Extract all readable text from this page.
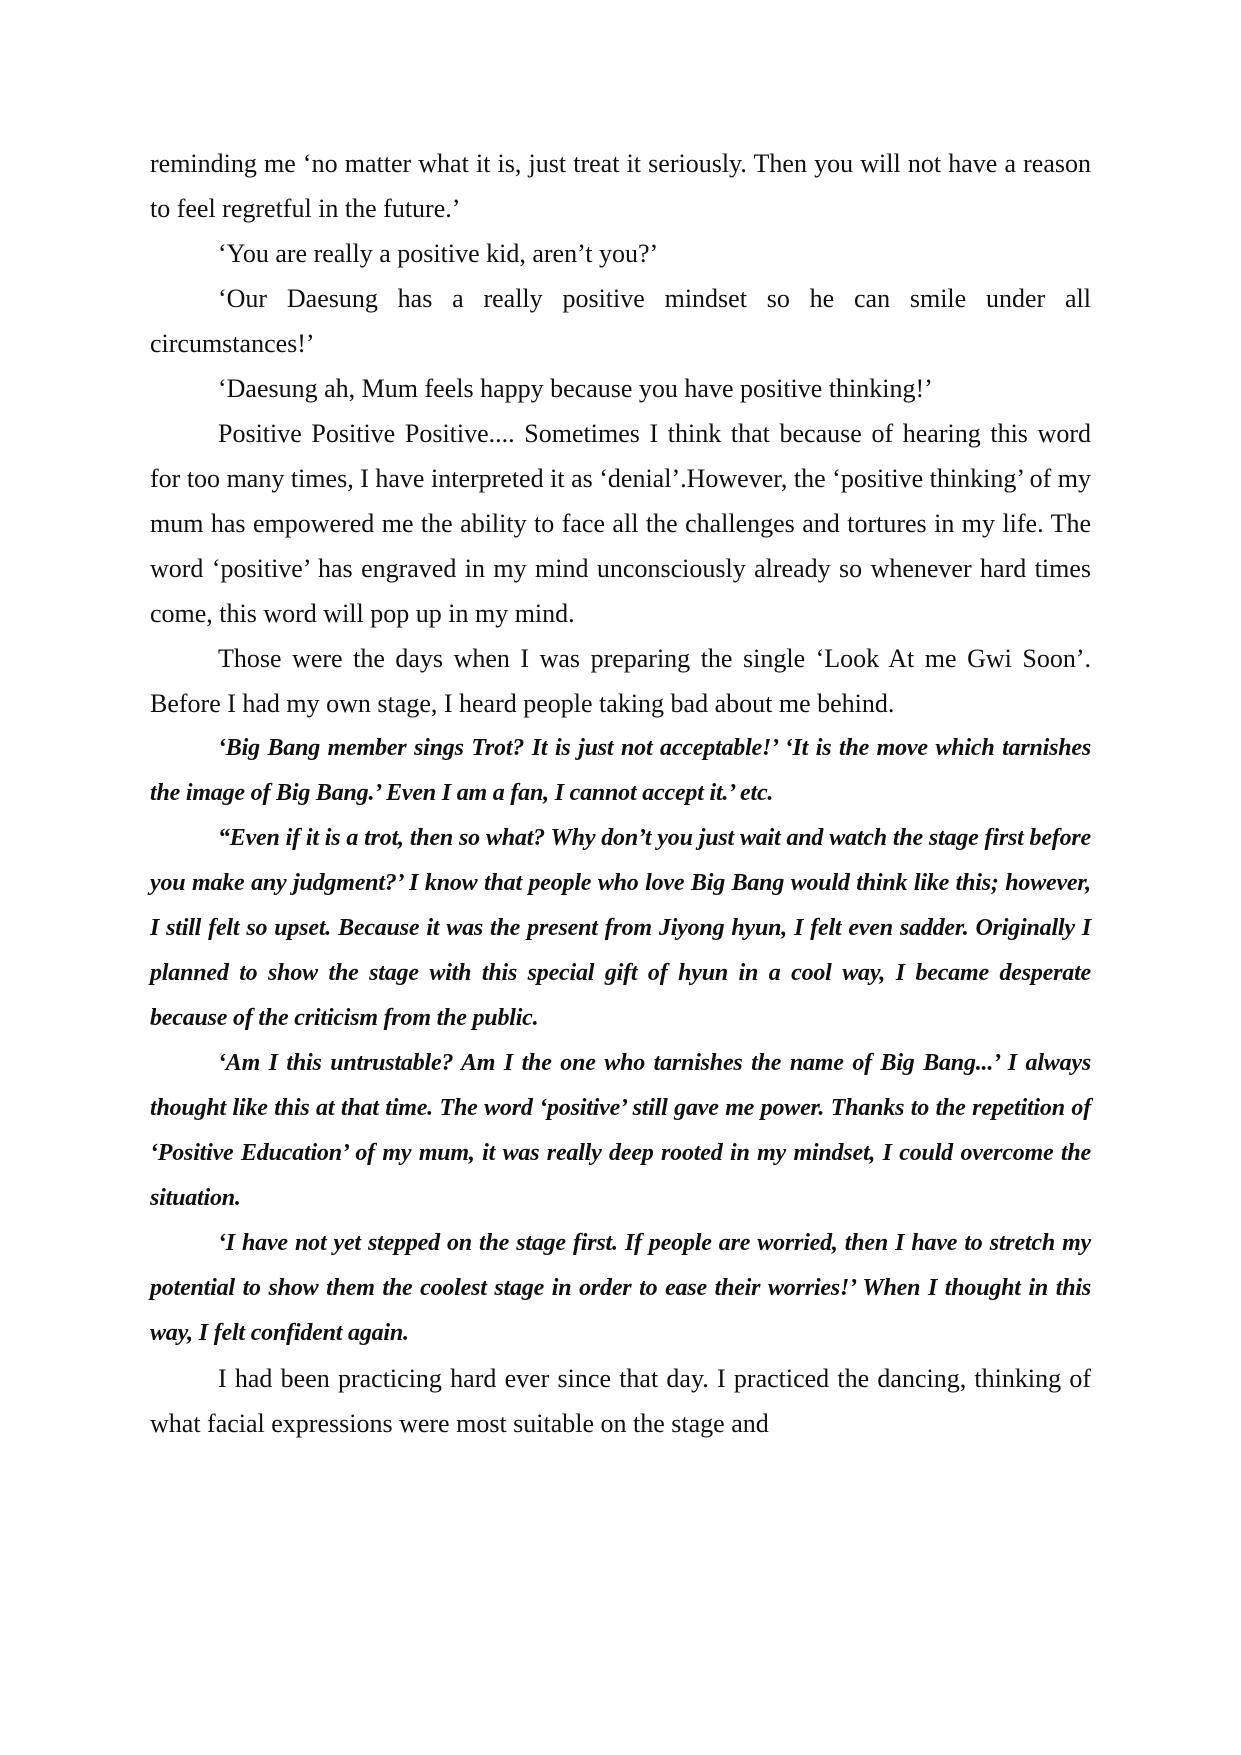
reminding me ‘no matter what it is, just treat it seriously. Then you will not have a reason to feel regretful in the future.’

‘You are really a positive kid, aren’t you?’

‘Our Daesung has a really positive mindset so he can smile under all circumstances!’

‘Daesung ah, Mum feels happy because you have positive thinking!’

Positive Positive Positive.... Sometimes I think that because of hearing this word for too many times, I have interpreted it as ‘denial’.However, the ‘positive thinking’ of my mum has empowered me the ability to face all the challenges and tortures in my life. The word ‘positive’ has engraved in my mind unconsciously already so whenever hard times come, this word will pop up in my mind.

Those were the days when I was preparing the single ‘Look At me Gwi Soon’. Before I had my own stage, I heard people taking bad about me behind.

‘Big Bang member sings Trot? It is just not acceptable!’ ‘It is the move which tarnishes the image of Big Bang.’ Even I am a fan, I cannot accept it.’ etc.

“Even if it is a trot, then so what? Why don’t you just wait and watch the stage first before you make any judgment?’ I know that people who love Big Bang would think like this; however, I still felt so upset. Because it was the present from Jiyong hyun, I felt even sadder. Originally I planned to show the stage with this special gift of hyun in a cool way, I became desperate because of the criticism from the public.

‘Am I this untrustable? Am I the one who tarnishes the name of Big Bang...’ I always thought like this at that time. The word ‘positive’ still gave me power. Thanks to the repetition of ‘Positive Education’ of my mum, it was really deep rooted in my mindset, I could overcome the situation.

‘I have not yet stepped on the stage first. If people are worried, then I have to stretch my potential to show them the coolest stage in order to ease their worries!’ When I thought in this way, I felt confident again.

I had been practicing hard ever since that day. I practiced the dancing, thinking of what facial expressions were most suitable on the stage and
